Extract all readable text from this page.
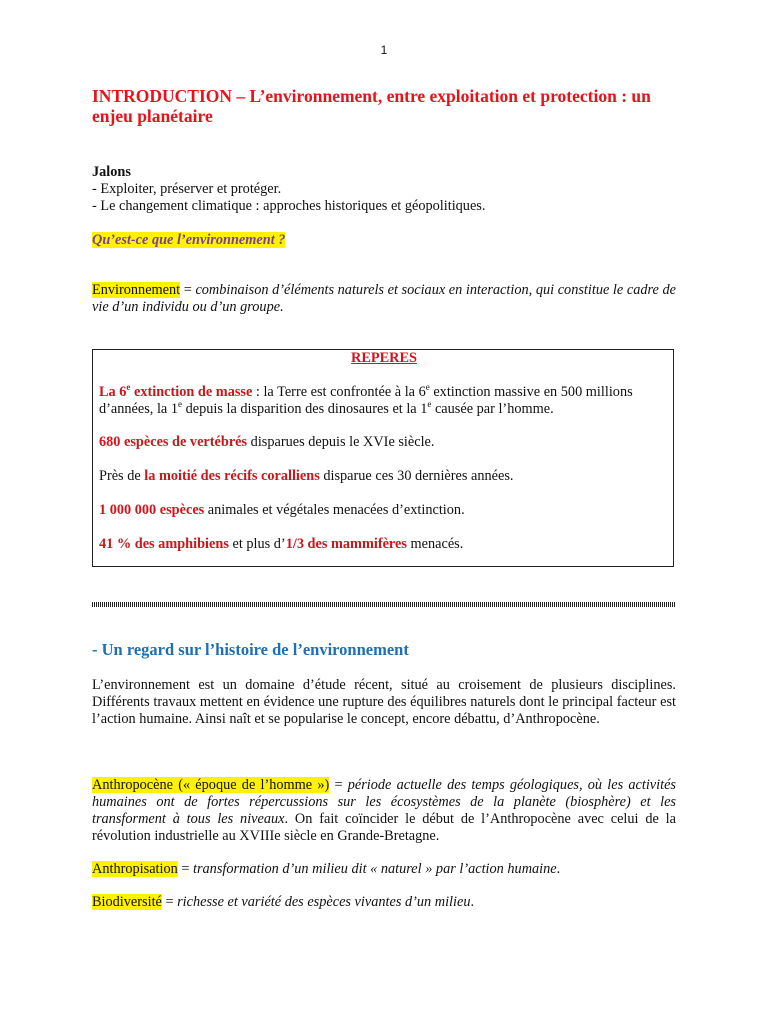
1
INTRODUCTION – L’environnement, entre exploitation et protection : un enjeu planétaire
Jalons
- Exploiter, préserver et protéger.
- Le changement climatique : approches historiques et géopolitiques.
Qu’est-ce que l’environnement ?
Environnement = combinaison d’éléments naturels et sociaux en interaction, qui constitue le cadre de vie d’un individu ou d’un groupe.
REPERES

La 6e extinction de masse : la Terre est confrontée à la 6e extinction massive en 500 millions d’années, la 1e depuis la disparition des dinosaures et la 1e causée par l’homme.

680 espèces de vertébrés disparues depuis le XVIe siècle.

Près de la moitié des récifs coralliens disparue ces 30 dernières années.

1 000 000 espèces animales et végétales menacées d’extinction.

41 % des amphibiens et plus d’1/3 des mammifères menacés.

- Un regard sur l’histoire de l’environnement
L’environnement est un domaine d’étude récent, situé au croisement de plusieurs disciplines. Différents travaux mettent en évidence une rupture des équilibres naturels dont le principal facteur est l’action humaine. Ainsi naît et se popularise le concept, encore débattu, d’Anthropocène.
Anthropocène (« époque de l’homme ») = période actuelle des temps géologiques, où les activités humaines ont de fortes répercussions sur les écosystèmes de la planète (biosphère) et les transforment à tous les niveaux. On fait coïncider le début de l’Anthropocène avec celui de la révolution industrielle au XVIIIe siècle en Grande-Bretagne.
Anthropisation = transformation d’un milieu dit « naturel » par l’action humaine.
Biodiversité = richesse et variété des espèces vivantes d’un milieu.
